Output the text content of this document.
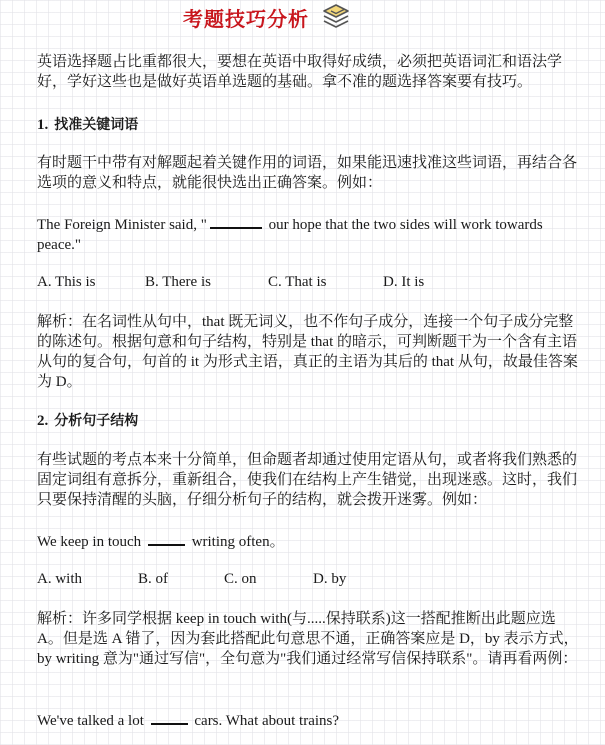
考题技巧分析
英语选择题占比重都很大，要想在英语中取得好成绩，必须把英语词汇和语法学好，学好这些也是做好英语单选题的基础。拿不准的题选择答案要有技巧。
1. 找准关键词语
有时题干中带有对解题起着关键作用的词语，如果能迅速找准这些词语，再结合各选项的意义和特点，就能很快选出正确答案。例如：
The Foreign Minister said, "	our hope that the two sides will work towards peace."
A. This is	B. There is	C. That is	D. It is
解析：在名词性从句中，that 既无词义，也不作句子成分，连接一个句子成分完整的陈述句。根据句意和句子结构，特别是 that 的暗示，可判断题干为一个含有主语从句的复合句，句首的 it 为形式主语，真正的主语为其后的 that 从句，故最佳答案为 D。
2. 分析句子结构
有些试题的考点本来十分简单，但命题者却通过使用定语从句，或者将我们熟悉的固定词组有意拆分，重新组合，使我们在结构上产生错觉，出现迷惑。这时，我们只要保持清醒的头脑，仔细分析句子的结构，就会拨开迷雾。例如：
We keep in touch	writing often。
A. with	B. of	C. on	D. by
解析：许多同学根据 keep in touch with(与.....保持联系)这一搭配推断出此题应选 A。但是选 A 错了，因为套此搭配此句意思不通，正确答案应是 D，by 表示方式，by writing 意为"通过写信"，全句意为"我们通过经常写信保持联系"。请再看两例：
We've talked a lot	cars. What about trains?
